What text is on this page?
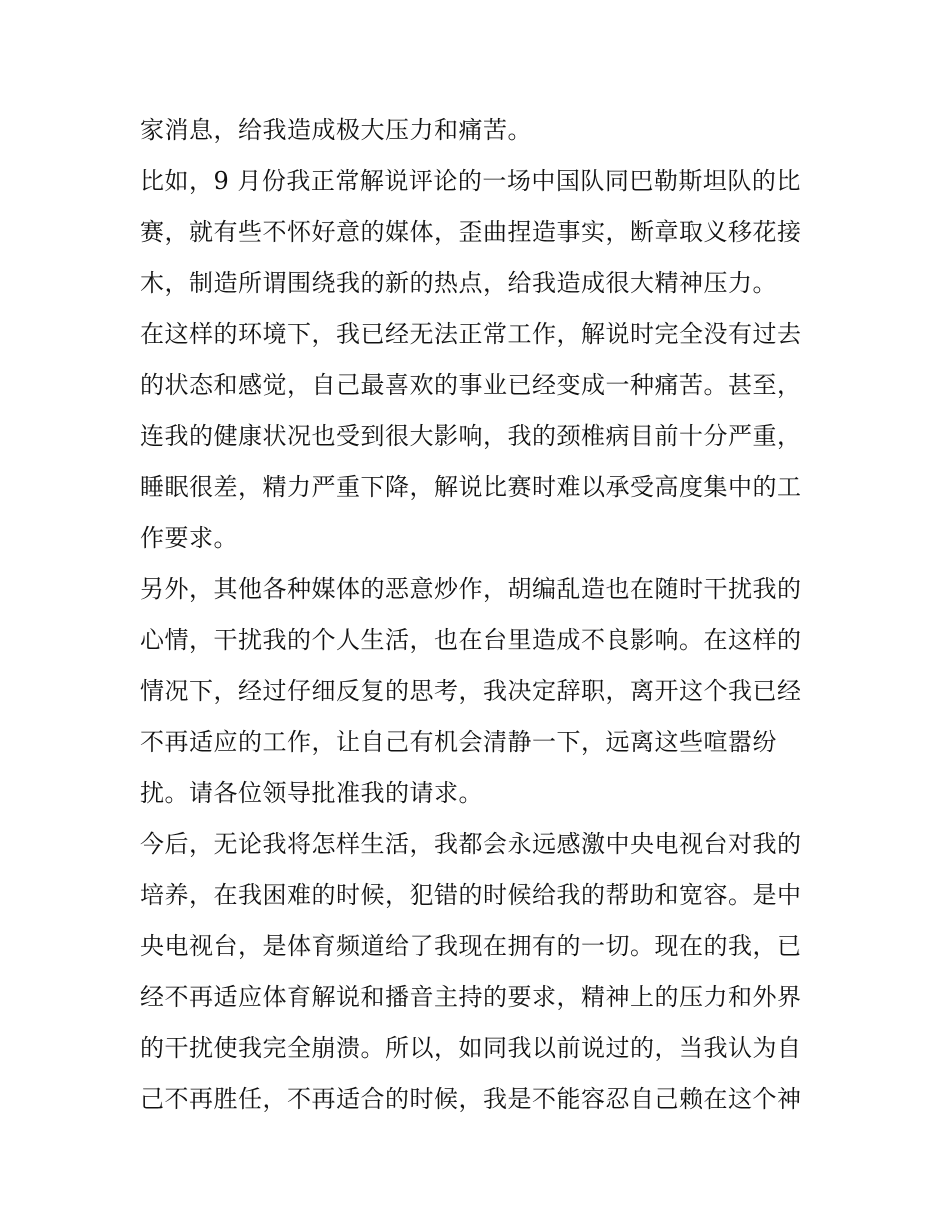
家消息，给我造成极大压力和痛苦。
比如，9 月份我正常解说评论的一场中国队同巴勒斯坦队的比
赛，就有些不怀好意的媒体，歪曲捏造事实，断章取义移花接
木，制造所谓围绕我的新的热点，给我造成很大精神压力。
在这样的环境下，我已经无法正常工作，解说时完全没有过去
的状态和感觉，自己最喜欢的事业已经变成一种痛苦。甚至，
连我的健康状况也受到很大影响，我的颈椎病目前十分严重，
睡眠很差，精力严重下降，解说比赛时难以承受高度集中的工
作要求。
另外，其他各种媒体的恶意炒作，胡编乱造也在随时干扰我的
心情，干扰我的个人生活，也在台里造成不良影响。在这样的
情况下，经过仔细反复的思考，我决定辞职，离开这个我已经
不再适应的工作，让自己有机会清静一下，远离这些喧嚣纷
扰。请各位领导批准我的请求。
今后，无论我将怎样生活，我都会永远感激中央电视台对我的
培养，在我困难的时候，犯错的时候给我的帮助和宽容。是中
央电视台，是体育频道给了我现在拥有的一切。现在的我，已
经不再适应体育解说和播音主持的要求，精神上的压力和外界
的干扰使我完全崩溃。所以，如同我以前说过的，当我认为自
己不再胜任，不再适合的时候，我是不能容忍自己赖在这个神
